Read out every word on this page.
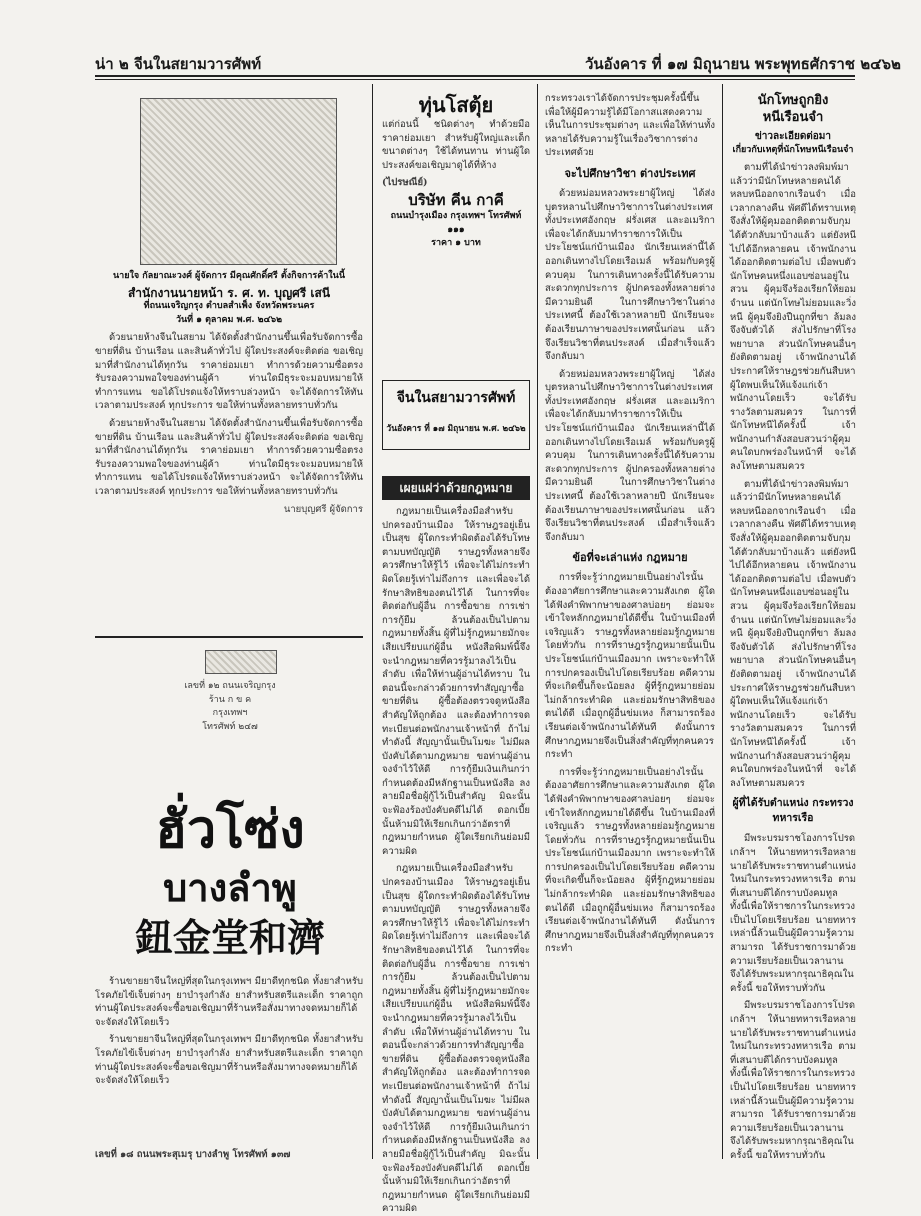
น่า ๒ จีนในสยามวารศัพท์	วันอังคาร ที่ ๑๗ มิถุนายน พระพุทธศักราช ๒๔๖๒

นายใจ กัลยาณะวงศ์ ผู้จัดการ มีคุณศักดิ์ศรี ตั้งกิจการค้าในนี้

สำนักงานนายหน้า ร. ศ. ท. บุญศรี เสนี

ที่ถนนเจริญกรุง ตำบลสำเพ็ง จังหวัดพระนคร

วันที่ ๑ ตุลาคม พ.ศ. ๒๔๖๒

ด้วยนายห้างจีนในสยาม ได้จัดตั้งสำนักงานขึ้นเพื่อรับจัดการซื้อขายที่ดิน บ้านเรือน และสินค้าทั่วไป ผู้ใดประสงค์จะติดต่อ ขอเชิญมาที่สำนักงานได้ทุกวัน ราคาย่อมเยา ทำการด้วยความซื่อตรง รับรองความพอใจของท่านผู้ค้า ท่านใดมีธุระจะมอบหมายให้ทำการแทน ขอได้โปรดแจ้งให้ทราบล่วงหน้า จะได้จัดการให้ทันเวลาตามประสงค์ ทุกประการ ขอให้ท่านทั้งหลายทราบทั่วกัน

ด้วยนายห้างจีนในสยาม ได้จัดตั้งสำนักงานขึ้นเพื่อรับจัดการซื้อขายที่ดิน บ้านเรือน และสินค้าทั่วไป ผู้ใดประสงค์จะติดต่อ ขอเชิญมาที่สำนักงานได้ทุกวัน ราคาย่อมเยา ทำการด้วยความซื่อตรง รับรองความพอใจของท่านผู้ค้า ท่านใดมีธุระจะมอบหมายให้ทำการแทน ขอได้โปรดแจ้งให้ทราบล่วงหน้า จะได้จัดการให้ทันเวลาตามประสงค์ ทุกประการ ขอให้ท่านทั้งหลายทราบทั่วกัน

นายบุญศรี ผู้จัดการ

เลขที่ ๑๒ ถนนเจริญกรุง
ร้าน ก ข ค
กรุงเทพฯ
โทรศัพท์ ๒๔๗

ฮั่วโซ่ง
บางลำพู
鈕金堂和濟

ร้านขายยาจีนใหญ่ที่สุดในกรุงเทพฯ มียาดีทุกชนิด ทั้งยาสำหรับโรคภัยไข้เจ็บต่างๆ ยาบำรุงกำลัง ยาสำหรับสตรีและเด็ก ราคาถูก ท่านผู้ใดประสงค์จะซื้อขอเชิญมาที่ร้านหรือสั่งมาทางจดหมายก็ได้ จะจัดส่งให้โดยเร็ว

ร้านขายยาจีนใหญ่ที่สุดในกรุงเทพฯ มียาดีทุกชนิด ทั้งยาสำหรับโรคภัยไข้เจ็บต่างๆ ยาบำรุงกำลัง ยาสำหรับสตรีและเด็ก ราคาถูก ท่านผู้ใดประสงค์จะซื้อขอเชิญมาที่ร้านหรือสั่งมาทางจดหมายก็ได้ จะจัดส่งให้โดยเร็ว

เลขที่ ๑๘ ถนนพระสุเมรุ บางลำพู โทรศัพท์ ๑๓๗

ทุ่นโสตุ้ย

แต่ก่อนนี้ ชนิดต่างๆ ทำด้วยมือ ราคาย่อมเยา สำหรับผู้ใหญ่และเด็ก ขนาดต่างๆ ใช้ได้ทนทาน ท่านผู้ใดประสงค์ขอเชิญมาดูได้ที่ห้าง

(ไปรษณีย์)

บริษัท คีน กาคี

ถนนบำรุงเมือง กรุงเทพฯ โทรศัพท์ ๑๑๑

ราคา ๑ บาท

จีนในสยามวารศัพท์
วันอังคาร ที่ ๑๗ มิถุนายน พ.ศ. ๒๔๖๒
เผยแผ่ว่าด้วยกฎหมาย

กฎหมายเป็นเครื่องมือสำหรับปกครองบ้านเมือง ให้ราษฎรอยู่เย็นเป็นสุข ผู้ใดกระทำผิดต้องได้รับโทษตามบทบัญญัติ ราษฎรทั้งหลายจึงควรศึกษาให้รู้ไว้ เพื่อจะได้ไม่กระทำผิดโดยรู้เท่าไม่ถึงการ และเพื่อจะได้รักษาสิทธิของตนไว้ได้ ในการที่จะติดต่อกับผู้อื่น การซื้อขาย การเช่า การกู้ยืม ล้วนต้องเป็นไปตามกฎหมายทั้งสิ้น ผู้ที่ไม่รู้กฎหมายมักจะเสียเปรียบแก่ผู้อื่น หนังสือพิมพ์นี้จึงจะนำกฎหมายที่ควรรู้มาลงไว้เป็นลำดับ เพื่อให้ท่านผู้อ่านได้ทราบ ในตอนนี้จะกล่าวด้วยการทำสัญญาซื้อขายที่ดิน ผู้ซื้อต้องตรวจดูหนังสือสำคัญให้ถูกต้อง และต้องทำการจดทะเบียนต่อพนักงานเจ้าหน้าที่ ถ้าไม่ทำดังนี้ สัญญานั้นเป็นโมฆะ ไม่มีผลบังคับได้ตามกฎหมาย ขอท่านผู้อ่านจงจำไว้ให้ดี การกู้ยืมเงินเกินกว่ากำหนดต้องมีหลักฐานเป็นหนังสือ ลงลายมือชื่อผู้กู้ไว้เป็นสำคัญ มิฉะนั้นจะฟ้องร้องบังคับคดีไม่ได้ ดอกเบี้ยนั้นห้ามมิให้เรียกเกินกว่าอัตราที่กฎหมายกำหนด ผู้ใดเรียกเกินย่อมมีความผิด

กฎหมายเป็นเครื่องมือสำหรับปกครองบ้านเมือง ให้ราษฎรอยู่เย็นเป็นสุข ผู้ใดกระทำผิดต้องได้รับโทษตามบทบัญญัติ ราษฎรทั้งหลายจึงควรศึกษาให้รู้ไว้ เพื่อจะได้ไม่กระทำผิดโดยรู้เท่าไม่ถึงการ และเพื่อจะได้รักษาสิทธิของตนไว้ได้ ในการที่จะติดต่อกับผู้อื่น การซื้อขาย การเช่า การกู้ยืม ล้วนต้องเป็นไปตามกฎหมายทั้งสิ้น ผู้ที่ไม่รู้กฎหมายมักจะเสียเปรียบแก่ผู้อื่น หนังสือพิมพ์นี้จึงจะนำกฎหมายที่ควรรู้มาลงไว้เป็นลำดับ เพื่อให้ท่านผู้อ่านได้ทราบ ในตอนนี้จะกล่าวด้วยการทำสัญญาซื้อขายที่ดิน ผู้ซื้อต้องตรวจดูหนังสือสำคัญให้ถูกต้อง และต้องทำการจดทะเบียนต่อพนักงานเจ้าหน้าที่ ถ้าไม่ทำดังนี้ สัญญานั้นเป็นโมฆะ ไม่มีผลบังคับได้ตามกฎหมาย ขอท่านผู้อ่านจงจำไว้ให้ดี การกู้ยืมเงินเกินกว่ากำหนดต้องมีหลักฐานเป็นหนังสือ ลงลายมือชื่อผู้กู้ไว้เป็นสำคัญ มิฉะนั้นจะฟ้องร้องบังคับคดีไม่ได้ ดอกเบี้ยนั้นห้ามมิให้เรียกเกินกว่าอัตราที่กฎหมายกำหนด ผู้ใดเรียกเกินย่อมมีความผิด

กระทรวงเราได้จัดการประชุมครั้งนี้ขึ้น เพื่อให้ผู้มีความรู้ได้มีโอกาสแสดงความเห็นในการประชุมต่างๆ และเพื่อให้ท่านทั้งหลายได้รับความรู้ในเรื่องวิชาการต่างประเทศด้วย

จะไปศึกษาวิชา ต่างประเทศ

ด้วยหม่อมหลวงพระยาผู้ใหญ่ ได้ส่งบุตรหลานไปศึกษาวิชาการในต่างประเทศ ทั้งประเทศอังกฤษ ฝรั่งเศส และอเมริกา เพื่อจะได้กลับมาทำราชการให้เป็นประโยชน์แก่บ้านเมือง นักเรียนเหล่านี้ได้ออกเดินทางไปโดยเรือเมล์ พร้อมกับครูผู้ควบคุม ในการเดินทางครั้งนี้ได้รับความสะดวกทุกประการ ผู้ปกครองทั้งหลายต่างมีความยินดี ในการศึกษาวิชาในต่างประเทศนี้ ต้องใช้เวลาหลายปี นักเรียนจะต้องเรียนภาษาของประเทศนั้นก่อน แล้วจึงเรียนวิชาที่ตนประสงค์ เมื่อสำเร็จแล้วจึงกลับมา

ด้วยหม่อมหลวงพระยาผู้ใหญ่ ได้ส่งบุตรหลานไปศึกษาวิชาการในต่างประเทศ ทั้งประเทศอังกฤษ ฝรั่งเศส และอเมริกา เพื่อจะได้กลับมาทำราชการให้เป็นประโยชน์แก่บ้านเมือง นักเรียนเหล่านี้ได้ออกเดินทางไปโดยเรือเมล์ พร้อมกับครูผู้ควบคุม ในการเดินทางครั้งนี้ได้รับความสะดวกทุกประการ ผู้ปกครองทั้งหลายต่างมีความยินดี ในการศึกษาวิชาในต่างประเทศนี้ ต้องใช้เวลาหลายปี นักเรียนจะต้องเรียนภาษาของประเทศนั้นก่อน แล้วจึงเรียนวิชาที่ตนประสงค์ เมื่อสำเร็จแล้วจึงกลับมา

ข้อที่จะเล่าแห่ง กฎหมาย

การที่จะรู้ว่ากฎหมายเป็นอย่างไรนั้น ต้องอาศัยการศึกษาและความสังเกต ผู้ใดได้ฟังคำพิพากษาของศาลบ่อยๆ ย่อมจะเข้าใจหลักกฎหมายได้ดีขึ้น ในบ้านเมืองที่เจริญแล้ว ราษฎรทั้งหลายย่อมรู้กฎหมายโดยทั่วกัน การที่ราษฎรรู้กฎหมายนั้นเป็นประโยชน์แก่บ้านเมืองมาก เพราะจะทำให้การปกครองเป็นไปโดยเรียบร้อย คดีความที่จะเกิดขึ้นก็จะน้อยลง ผู้ที่รู้กฎหมายย่อมไม่กล้ากระทำผิด และย่อมรักษาสิทธิของตนได้ดี เมื่อถูกผู้อื่นข่มเหง ก็สามารถร้องเรียนต่อเจ้าพนักงานได้ทันที ดังนั้นการศึกษากฎหมายจึงเป็นสิ่งสำคัญที่ทุกคนควรกระทำ

การที่จะรู้ว่ากฎหมายเป็นอย่างไรนั้น ต้องอาศัยการศึกษาและความสังเกต ผู้ใดได้ฟังคำพิพากษาของศาลบ่อยๆ ย่อมจะเข้าใจหลักกฎหมายได้ดีขึ้น ในบ้านเมืองที่เจริญแล้ว ราษฎรทั้งหลายย่อมรู้กฎหมายโดยทั่วกัน การที่ราษฎรรู้กฎหมายนั้นเป็นประโยชน์แก่บ้านเมืองมาก เพราะจะทำให้การปกครองเป็นไปโดยเรียบร้อย คดีความที่จะเกิดขึ้นก็จะน้อยลง ผู้ที่รู้กฎหมายย่อมไม่กล้ากระทำผิด และย่อมรักษาสิทธิของตนได้ดี เมื่อถูกผู้อื่นข่มเหง ก็สามารถร้องเรียนต่อเจ้าพนักงานได้ทันที ดังนั้นการศึกษากฎหมายจึงเป็นสิ่งสำคัญที่ทุกคนควรกระทำ

นักโทษถูกยิง

หนีเรือนจำ

ข่าวละเอียดต่อมา

เกี่ยวกับเหตุที่นักโทษหนีเรือนจำ

ตามที่ได้นำข่าวลงพิมพ์มาแล้วว่ามีนักโทษหลายคนได้หลบหนีออกจากเรือนจำ เมื่อเวลากลางคืน พัศดีได้ทราบเหตุจึงสั่งให้ผู้คุมออกติดตามจับกุม ได้ตัวกลับมาบ้างแล้ว แต่ยังหนีไปได้อีกหลายคน เจ้าพนักงานได้ออกติดตามต่อไป เมื่อพบตัวนักโทษคนหนึ่งแอบซ่อนอยู่ในสวน ผู้คุมจึงร้องเรียกให้ยอมจำนน แต่นักโทษไม่ยอมและวิ่งหนี ผู้คุมจึงยิงปืนถูกที่ขา ล้มลง จึงจับตัวได้ ส่งไปรักษาที่โรงพยาบาล ส่วนนักโทษคนอื่นๆ ยังติดตามอยู่ เจ้าพนักงานได้ประกาศให้ราษฎรช่วยกันสืบหา ผู้ใดพบเห็นให้แจ้งแก่เจ้าพนักงานโดยเร็ว จะได้รับรางวัลตามสมควร ในการที่นักโทษหนีได้ครั้งนี้ เจ้าพนักงานกำลังสอบสวนว่าผู้คุมคนใดบกพร่องในหน้าที่ จะได้ลงโทษตามสมควร

ตามที่ได้นำข่าวลงพิมพ์มาแล้วว่ามีนักโทษหลายคนได้หลบหนีออกจากเรือนจำ เมื่อเวลากลางคืน พัศดีได้ทราบเหตุจึงสั่งให้ผู้คุมออกติดตามจับกุม ได้ตัวกลับมาบ้างแล้ว แต่ยังหนีไปได้อีกหลายคน เจ้าพนักงานได้ออกติดตามต่อไป เมื่อพบตัวนักโทษคนหนึ่งแอบซ่อนอยู่ในสวน ผู้คุมจึงร้องเรียกให้ยอมจำนน แต่นักโทษไม่ยอมและวิ่งหนี ผู้คุมจึงยิงปืนถูกที่ขา ล้มลง จึงจับตัวได้ ส่งไปรักษาที่โรงพยาบาล ส่วนนักโทษคนอื่นๆ ยังติดตามอยู่ เจ้าพนักงานได้ประกาศให้ราษฎรช่วยกันสืบหา ผู้ใดพบเห็นให้แจ้งแก่เจ้าพนักงานโดยเร็ว จะได้รับรางวัลตามสมควร ในการที่นักโทษหนีได้ครั้งนี้ เจ้าพนักงานกำลังสอบสวนว่าผู้คุมคนใดบกพร่องในหน้าที่ จะได้ลงโทษตามสมควร

ผู้ที่ได้รับตำแหน่ง กระทรวงทหารเรือ

มีพระบรมราชโองการโปรดเกล้าฯ ให้นายทหารเรือหลายนายได้รับพระราชทานตำแหน่งใหม่ในกระทรวงทหารเรือ ตามที่เสนาบดีได้กราบบังคมทูล ทั้งนี้เพื่อให้ราชการในกระทรวงเป็นไปโดยเรียบร้อย นายทหารเหล่านี้ล้วนเป็นผู้มีความรู้ความสามารถ ได้รับราชการมาด้วยความเรียบร้อยเป็นเวลานาน จึงได้รับพระมหากรุณาธิคุณในครั้งนี้ ขอให้ทราบทั่วกัน

มีพระบรมราชโองการโปรดเกล้าฯ ให้นายทหารเรือหลายนายได้รับพระราชทานตำแหน่งใหม่ในกระทรวงทหารเรือ ตามที่เสนาบดีได้กราบบังคมทูล ทั้งนี้เพื่อให้ราชการในกระทรวงเป็นไปโดยเรียบร้อย นายทหารเหล่านี้ล้วนเป็นผู้มีความรู้ความสามารถ ได้รับราชการมาด้วยความเรียบร้อยเป็นเวลานาน จึงได้รับพระมหากรุณาธิคุณในครั้งนี้ ขอให้ทราบทั่วกัน
